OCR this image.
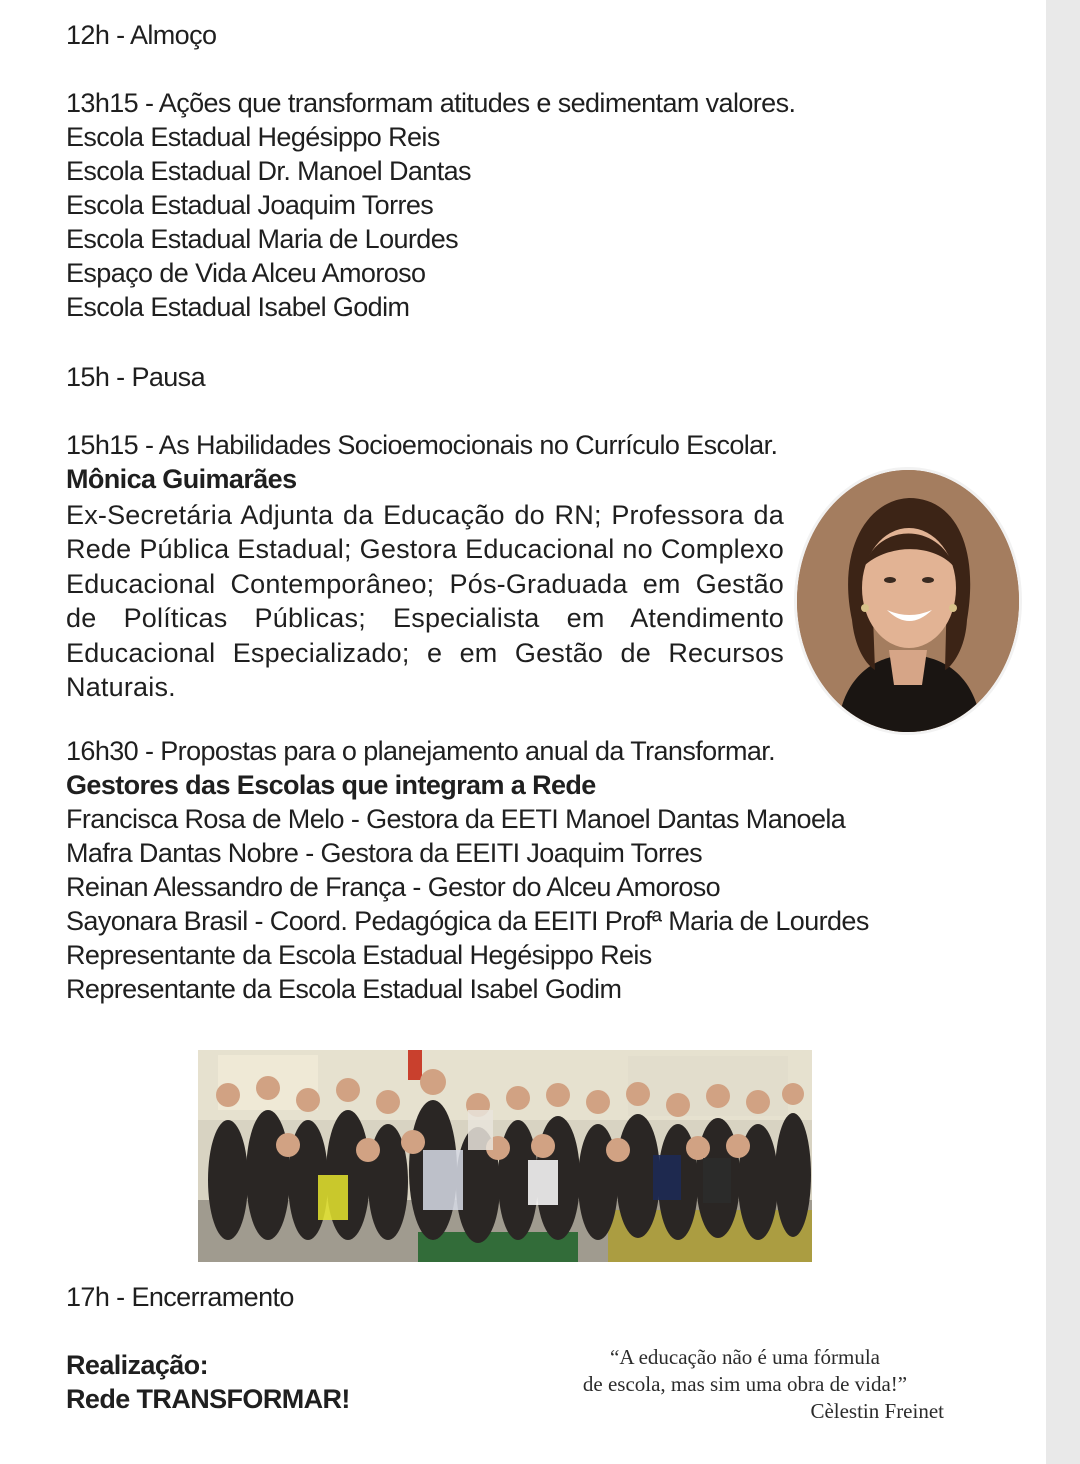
12h - Almoço
13h15 - Ações que transformam atitudes e sedimentam valores.
Escola Estadual Hegésippo Reis
Escola Estadual Dr. Manoel Dantas
Escola Estadual Joaquim Torres
Escola Estadual Maria de Lourdes
Espaço de Vida Alceu Amoroso
Escola Estadual Isabel Godim
15h - Pausa
15h15 - As Habilidades Socioemocionais no Currículo Escolar.
Mônica Guimarães
Ex-Secretária Adjunta da Educação do RN; Professora da Rede Pública Estadual; Gestora Educacional no Complexo Educacional Contemporâneo; Pós-Graduada em Gestão de Políticas Públicas; Especialista em Atendimento Educacional Especializado; e em Gestão de Recursos Naturais.
16h30 - Propostas para o planejamento anual da Transformar.
Gestores das Escolas que integram a Rede
Francisca Rosa de Melo - Gestora da EETI Manoel Dantas Manoela
Mafra Dantas Nobre - Gestora da EEITI Joaquim Torres
Reinan Alessandro de França - Gestor do Alceu Amoroso
Sayonara Brasil - Coord. Pedagógica da EEITI Profª Maria de Lourdes
Representante da Escola Estadual Hegésippo Reis
Representante da Escola Estadual Isabel Godim
17h - Encerramento
Realização:
Rede TRANSFORMAR!
“A educação não é uma fórmula
de escola, mas sim uma obra de vida!”
Cèlestin Freinet
